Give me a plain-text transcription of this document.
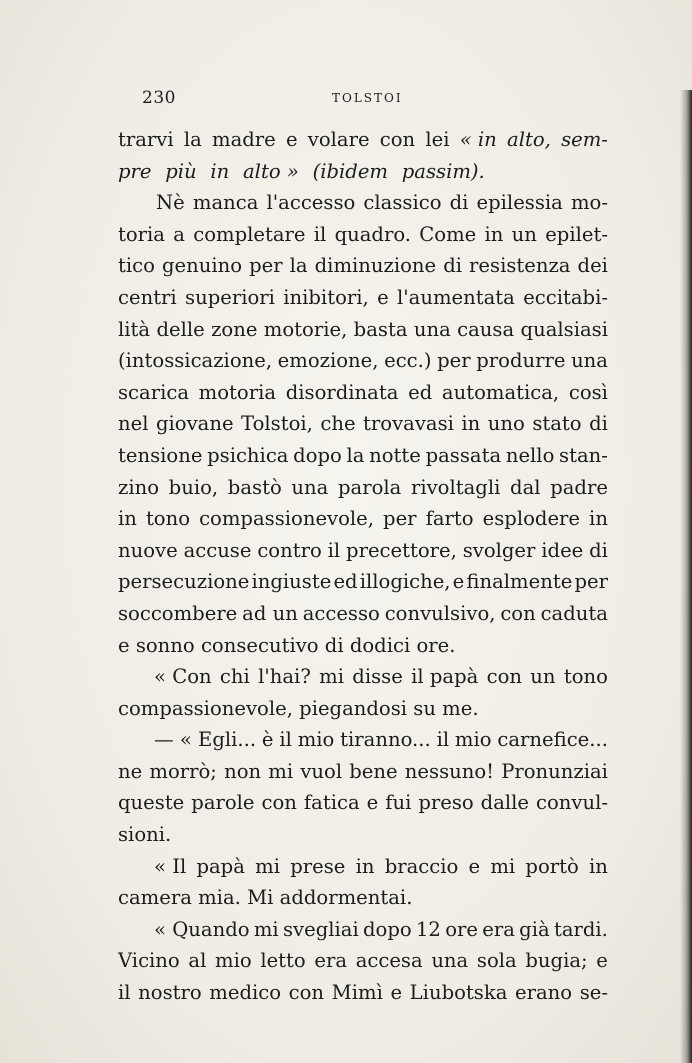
230	TOLSTOI
trarvi la madre e volare con lei « in alto, sem-
pre più in alto » (ibidem passim).
Nè manca l'accesso classico di epilessia mo-
toria a completare il quadro. Come in un epilet-
tico genuino per la diminuzione di resistenza dei
centri superiori inibitori, e l'aumentata eccitabi-
lità delle zone motorie, basta una causa qualsiasi
(intossicazione, emozione, ecc.) per produrre una
scarica motoria disordinata ed automatica, così
nel giovane Tolstoi, che trovavasi in uno stato di
tensione psichica dopo la notte passata nello stan-
zino buio, bastò una parola rivoltagli dal padre
in tono compassionevole, per farto esplodere in
nuove accuse contro il precettore, svolger idee di
persecuzione ingiuste ed illogiche, e finalmente per
soccombere ad un accesso convulsivo, con caduta
e sonno consecutivo di dodici ore.
« Con chi l'hai? mi disse il papà con un tono
compassionevole, piegandosi su me.
— « Egli... è il mio tiranno... il mio carnefice...
ne morrò; non mi vuol bene nessuno! Pronunziai
queste parole con fatica e fui preso dalle convul-
sioni.
« Il papà mi prese in braccio e mi portò in
camera mia. Mi addormentai.
« Quando mi svegliai dopo 12 ore era già tardi.
Vicino al mio letto era accesa una sola bugia; e
il nostro medico con Mimì e Liubotska erano se-
